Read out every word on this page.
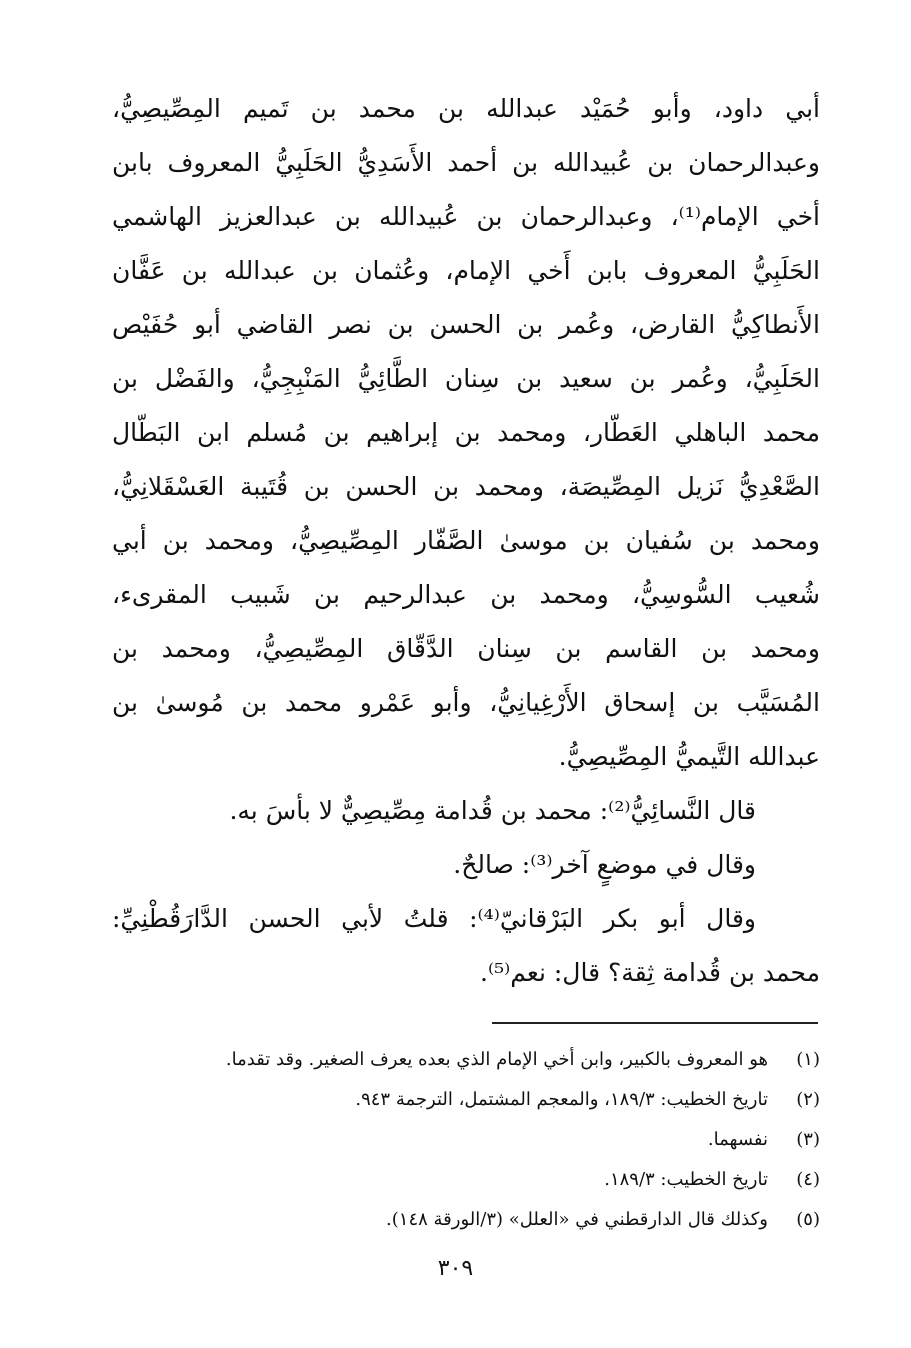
أبي داود، وأبو حُمَيْد عبدالله بن محمد بن تَميم المِصِّيصِيُّ،
وعبدالرحمان بن عُبيدالله بن أحمد الأَسَدِيُّ الحَلَبِيُّ المعروف بابن
أخي الإمام⁽¹⁾، وعبدالرحمان بن عُبيدالله بن عبدالعزيز الهاشمي
الحَلَبِيُّ المعروف بابن أَخي الإمام، وعُثمان بن عبدالله بن عَفَّان
الأَنطاكِيُّ القارض، وعُمر بن الحسن بن نصر القاضي أبو حُفَيْص
الحَلَبِيُّ، وعُمر بن سعيد بن سِنان الطَّائِيُّ المَنْبِجِيُّ، والفَضْل بن
محمد الباهلي العَطّار، ومحمد بن إبراهيم بن مُسلم ابن البَطّال
الصَّعْدِيُّ نَزيل المِصِّيصَة، ومحمد بن الحسن بن قُتَيبة العَسْقَلانِيُّ،
ومحمد بن سُفيان بن موسىٰ الصَّفّار المِصِّيصِيُّ، ومحمد بن أبي
شُعيب السُّوسِيُّ، ومحمد بن عبدالرحيم بن شَبيب المقرىء،
ومحمد بن القاسم بن سِنان الدَّقّاق المِصِّيصِيُّ، ومحمد بن
المُسَيَّب بن إسحاق الأَرْغِيانِيُّ، وأبو عَمْرو محمد بن مُوسىٰ بن
عبدالله التَّيميُّ المِصِّيصِيُّ.
قال النَّسائِيُّ⁽²⁾: محمد بن قُدامة مِصِّيصِيٌّ لا بأسَ به.
وقال في موضعٍ آخر⁽³⁾: صالحٌ.
وقال أبو بكر البَرْقانيّ⁽⁴⁾: قلتُ لأبي الحسن الدَّارَقُطْنِيِّ:
محمد بن قُدامة ثِقة؟ قال: نعم⁽⁵⁾.
(١)هو المعروف بالكبير، وابن أخي الإمام الذي بعده يعرف الصغير. وقد تقدما.
(٢)تاريخ الخطيب: ١٨٩/٣، والمعجم المشتمل، الترجمة ٩٤٣.
(٣)نفسهما.
(٤)تاريخ الخطيب: ١٨٩/٣.
(٥)وكذلك قال الدارقطني في «العلل» (٣/الورقة ١٤٨).
٣٠٩
